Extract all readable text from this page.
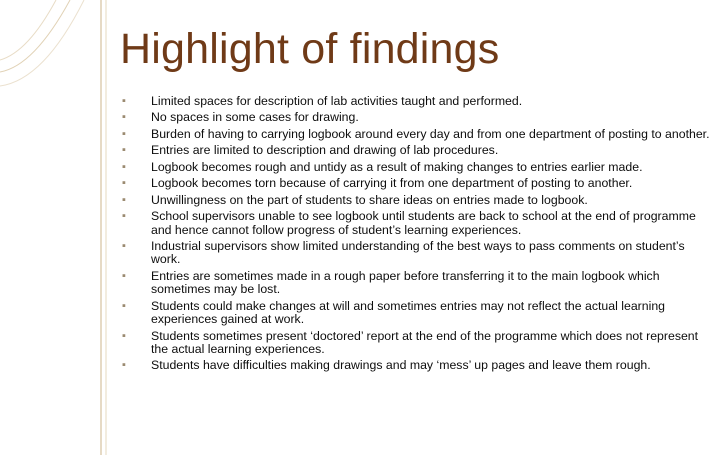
Highlight of findings
▪	Limited spaces for description of lab activities taught and performed.
▪	No spaces in some cases for drawing.
▪	Burden of having to carrying logbook around every day and from one department of posting to another.
▪	Entries are limited to description and drawing of lab procedures.
▪	Logbook becomes rough and untidy as a result of making changes to entries earlier made.
▪	Logbook becomes torn because of carrying it from one department of posting to another.
▪	Unwillingness on the part of students to share ideas on entries made to logbook.
▪	School supervisors unable to see logbook until students are back to school at the end of programme and hence cannot follow progress of student’s learning experiences.
▪	Industrial supervisors show limited understanding of the best ways to pass comments on student’s work.
▪	Entries are sometimes made in a rough paper before transferring it to the main logbook which sometimes may be lost.
▪	Students could make changes at will and sometimes entries may not reflect the actual learning experiences gained at work.
▪	Students sometimes present ‘doctored’ report at the end of the programme which does not represent the actual learning experiences.
▪	Students have difficulties making drawings and may ‘mess’ up pages and leave them rough.
